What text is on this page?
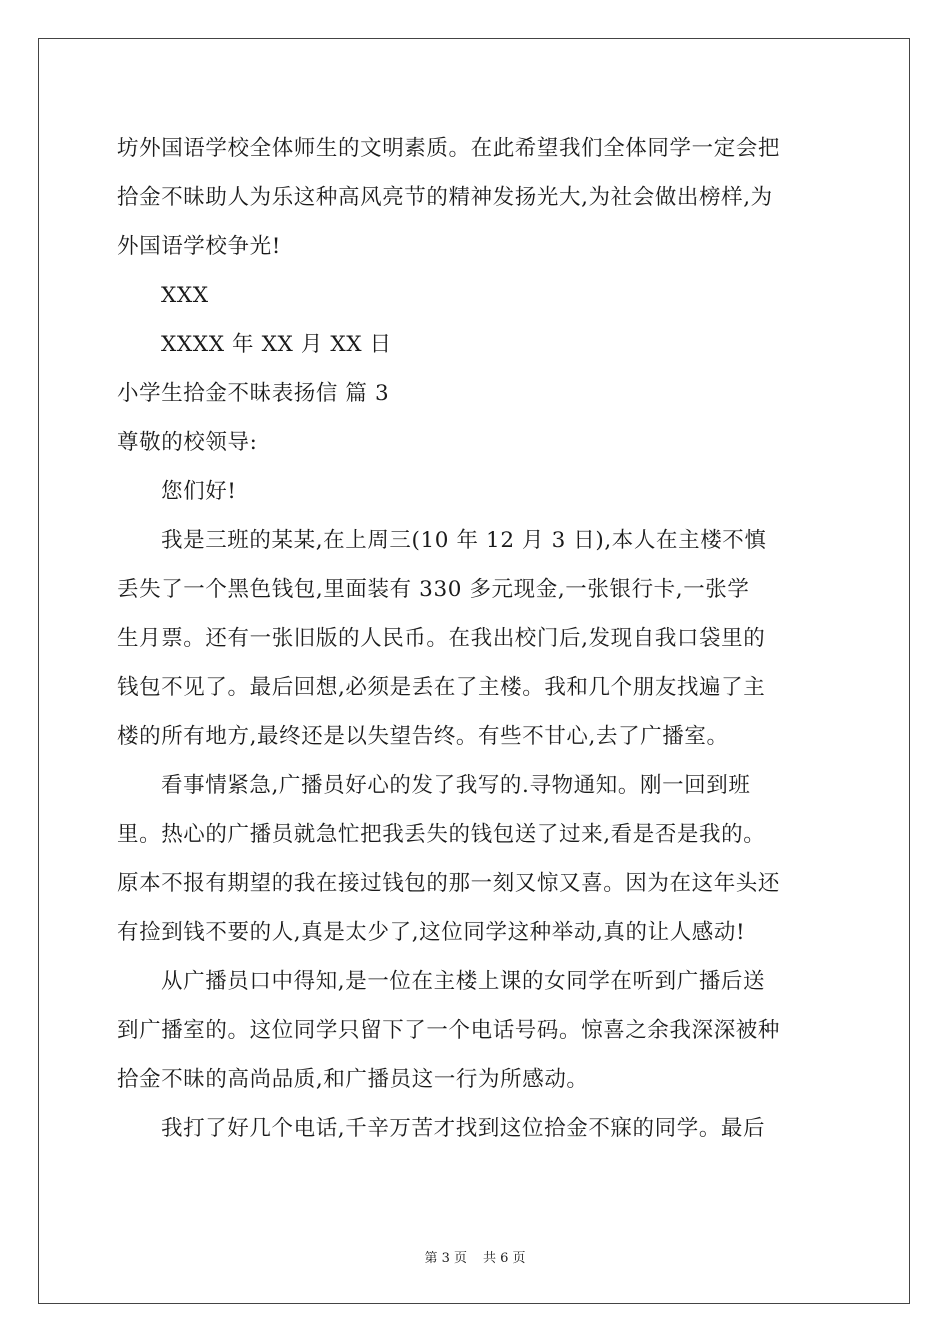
坊外国语学校全体师生的文明素质。在此希望我们全体同学一定会把
拾金不昧助人为乐这种高风亮节的精神发扬光大,为社会做出榜样,为
外国语学校争光!
XXX
XXXX 年 XX 月 XX 日
小学生拾金不昧表扬信 篇 3
尊敬的校领导:
您们好!
我是三班的某某,在上周三(10 年 12 月 3 日),本人在主楼不慎
丢失了一个黑色钱包,里面装有 330 多元现金,一张银行卡,一张学
生月票。还有一张旧版的人民币。在我出校门后,发现自我口袋里的
钱包不见了。最后回想,必须是丢在了主楼。我和几个朋友找遍了主
楼的所有地方,最终还是以失望告终。有些不甘心,去了广播室。
看事情紧急,广播员好心的发了我写的.寻物通知。刚一回到班
里。热心的广播员就急忙把我丢失的钱包送了过来,看是否是我的。
原本不报有期望的我在接过钱包的那一刻又惊又喜。因为在这年头还
有捡到钱不要的人,真是太少了,这位同学这种举动,真的让人感动!
从广播员口中得知,是一位在主楼上课的女同学在听到广播后送
到广播室的。这位同学只留下了一个电话号码。惊喜之余我深深被种
拾金不昧的高尚品质,和广播员这一行为所感动。
我打了好几个电话,千辛万苦才找到这位拾金不寐的同学。最后
第 3 页 共 6 页
